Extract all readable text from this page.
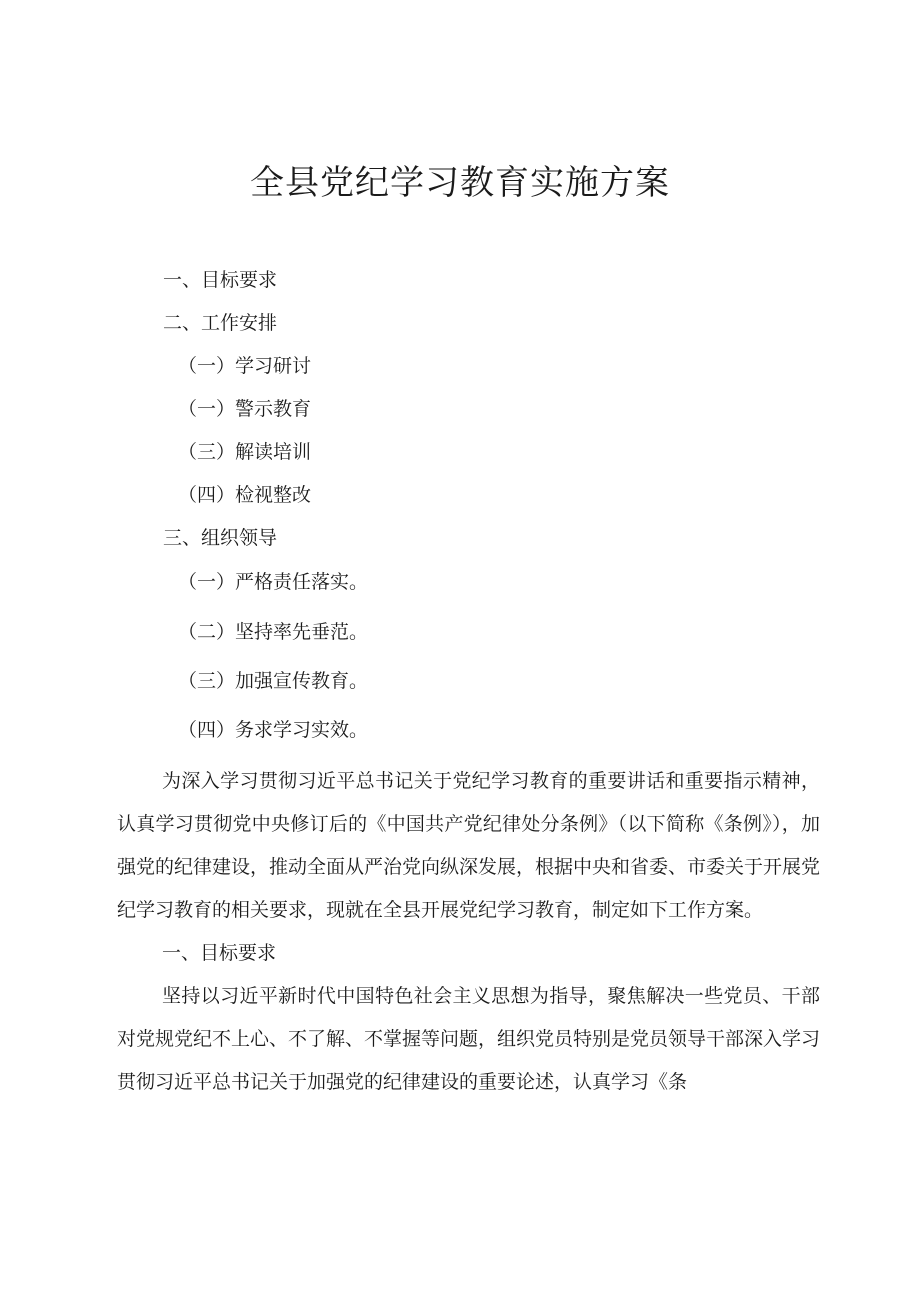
全县党纪学习教育实施方案
一、目标要求
二、工作安排
（一）学习研讨
（一）警示教育
（三）解读培训
（四）检视整改
三、组织领导
（一）严格责任落实。
（二）坚持率先垂范。
（三）加强宣传教育。
（四）务求学习实效。

为深入学习贯彻习近平总书记关于党纪学习教育的重要讲话和重要指示精神，认真学习贯彻党中央修订后的《中国共产党纪律处分条例》（以下简称《条例》），加强党的纪律建设，推动全面从严治党向纵深发展，根据中央和省委、市委关于开展党纪学习教育的相关要求，现就在全县开展党纪学习教育，制定如下工作方案。

一、目标要求

坚持以习近平新时代中国特色社会主义思想为指导，聚焦解决一些党员、干部对党规党纪不上心、不了解、不掌握等问题，组织党员特别是党员领导干部深入学习贯彻习近平总书记关于加强党的纪律建设的重要论述，认真学习《条
